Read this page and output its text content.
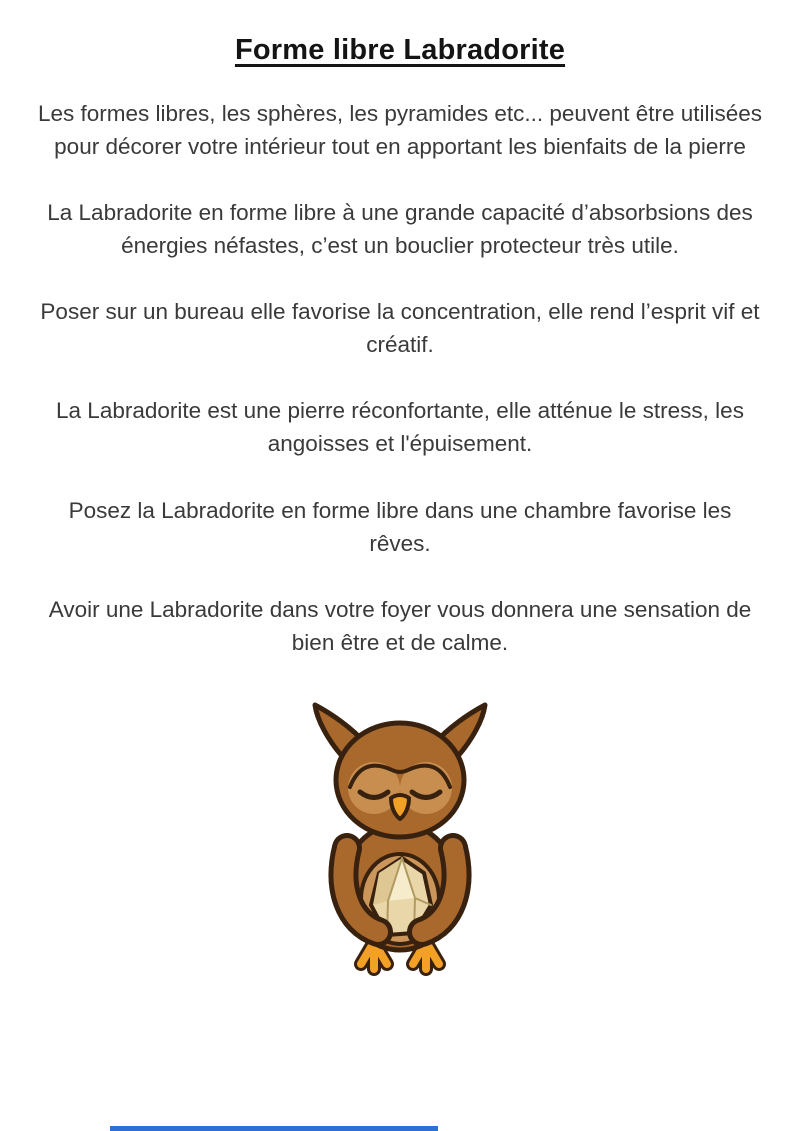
Forme libre Labradorite

Les formes libres, les sphères, les pyramides etc... peuvent être utilisées pour décorer votre intérieur tout en apportant les bienfaits de la pierre

La Labradorite en forme libre à une grande capacité d’absorbsions des énergies néfastes, c’est un bouclier protecteur très utile.

Poser sur un bureau elle favorise la concentration, elle rend l’esprit vif et créatif.

La Labradorite est une pierre réconfortante, elle atténue le stress, les angoisses et l'épuisement.

Posez la Labradorite en forme libre dans une chambre favorise les rêves.

Avoir une Labradorite dans votre foyer vous donnera une sensation de bien être et de calme.
